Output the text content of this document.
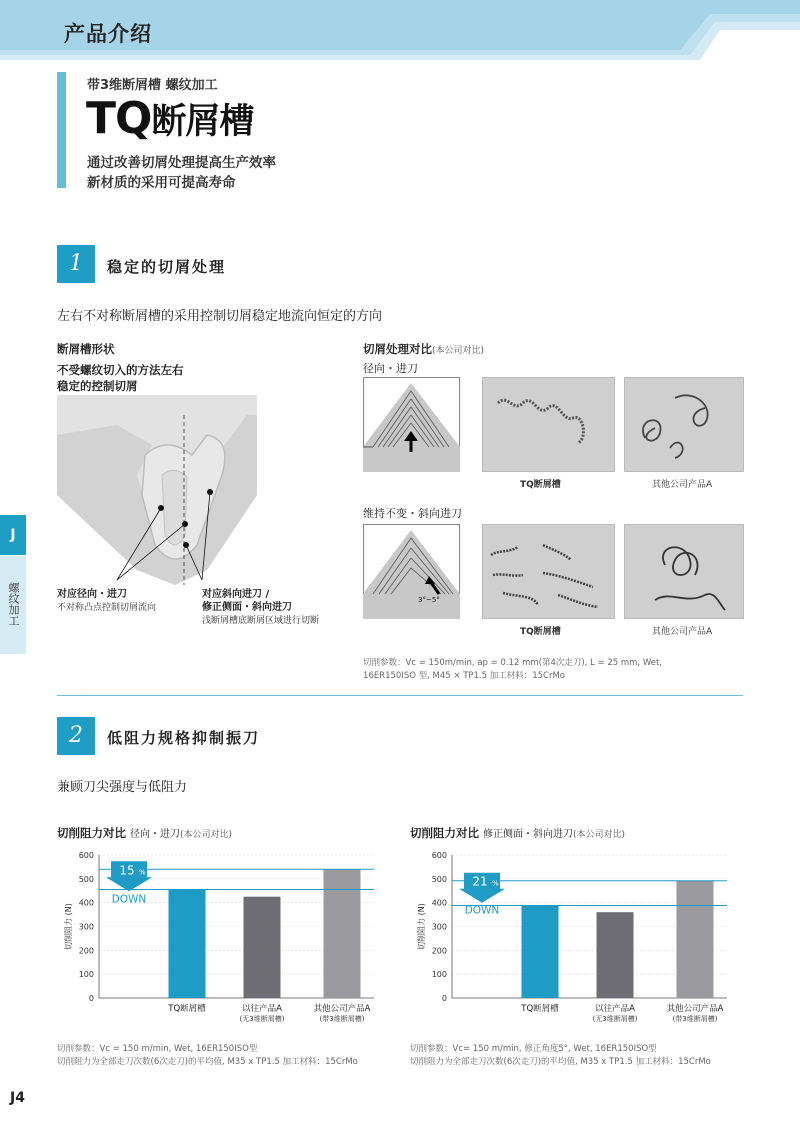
产品介绍
带3维断屑槽 螺纹加工
TQ断屑槽
通过改善切屑处理提高生产效率
新材质的采用可提高寿命
1	稳定的切屑处理
左右不对称断屑槽的采用控制切屑稳定地流向恒定的方向
断屑槽形状
不受螺纹切入的方法左右
稳定的控制切屑
对应径向・进刀
不对称凸点控制切屑流向
对应斜向进刀 /
修正侧面・斜向进刀
浅断屑槽底断屑区域进行切断
切屑处理对比(本公司对比)
径向・进刀
TQ断屑槽	其他公司产品A
维持不变・斜向进刀
3°~5°
TQ断屑槽	其他公司产品A
切削参数：Vc = 150m/min, ap = 0.12 mm(第4次走刀), L = 25 mm, Wet,
16ER150ISO 型, M45 × TP1.5 加工材料：15CrMo
2	低阻力规格抑制振刀
兼顾刀尖强度与低阻力
切削阻力对比 径向・进刀(本公司对比)	切削阻力对比 修正侧面・斜向进刀(本公司对比)
0
100
200
300
400
500
600
切削阻力 (N)
TQ断屑槽	以往产品A
(无3维断屑槽)
其他公司产品A
(带3维断屑槽)
15 %
DOWN
0
100
200
300
400
500
600
切削阻力 (N)
TQ断屑槽	以往产品A
(无3维断屑槽)
其他公司产品A
(带3维断屑槽)
21 %
DOWN
切削参数：Vc = 150 m/min, Wet, 16ER150ISO型
切削阻力为全部走刀次数(6次走刀)的平均值, M35 x TP1.5 加工材料：15CrMo
切削参数：Vc= 150 m/min, 修正角度5°, Wet, 16ER150ISO型
切削阻力为全部走刀次数(6次走刀)的平均值, M35 x TP1.5 加工材料：15CrMo
J
螺纹加工
J4
